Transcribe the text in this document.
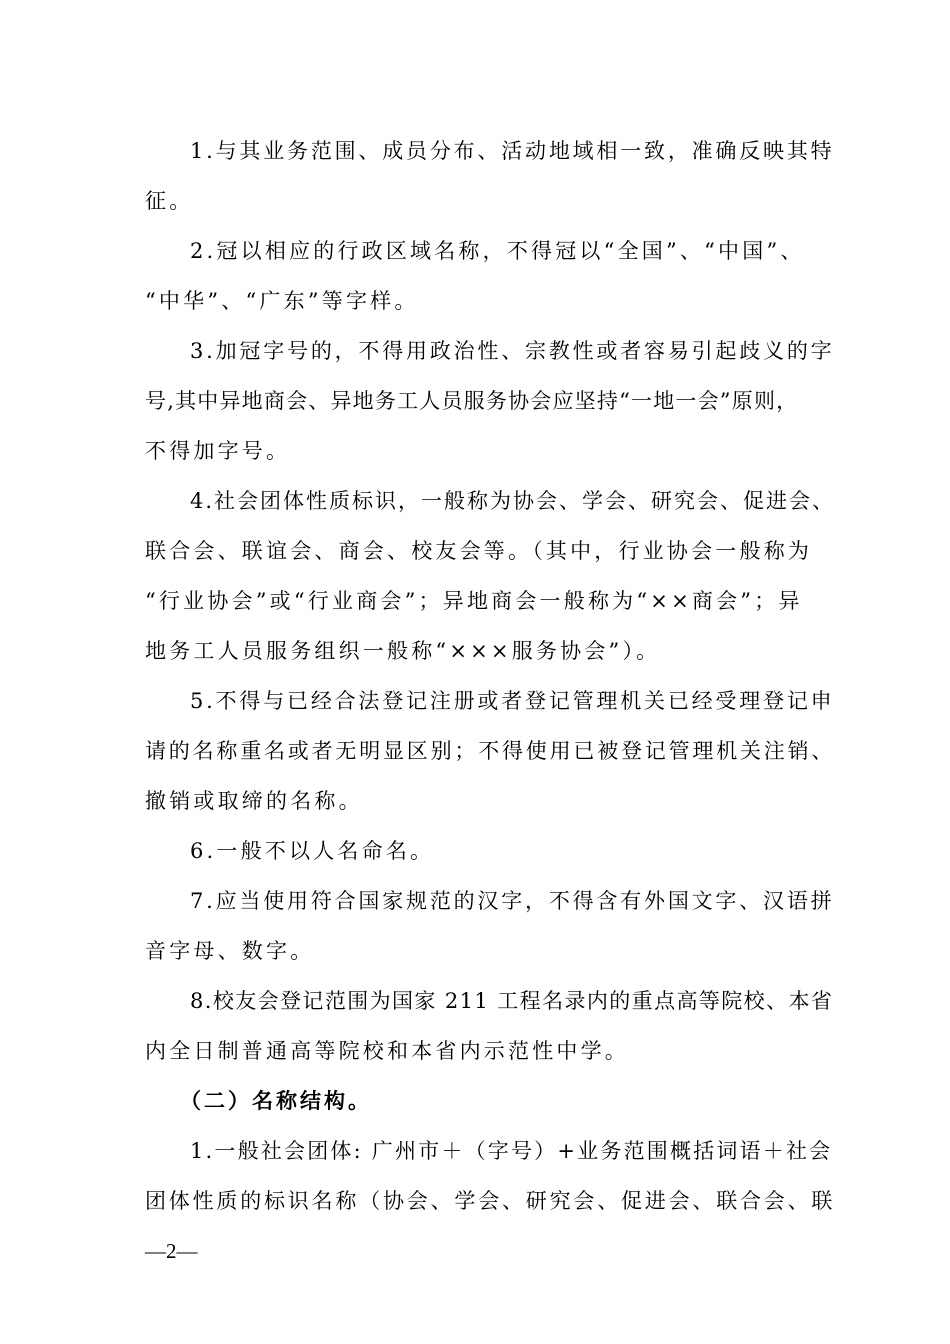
1.与其业务范围、成员分布、活动地域相一致，准确反映其特
征。
2.冠以相应的行政区域名称，不得冠以“全国”、“中国”、
“中华”、“广东”等字样。
3.加冠字号的，不得用政治性、宗教性或者容易引起歧义的字
号,其中异地商会、异地务工人员服务协会应坚持“一地一会”原则，
不得加字号。
4.社会团体性质标识，一般称为协会、学会、研究会、促进会、
联合会、联谊会、商会、校友会等。（其中，行业协会一般称为
“行业协会”或“行业商会”；异地商会一般称为“××商会”；异
地务工人员服务组织一般称“×××服务协会”）。
5.不得与已经合法登记注册或者登记管理机关已经受理登记申
请的名称重名或者无明显区别；不得使用已被登记管理机关注销、
撤销或取缔的名称。
6.一般不以人名命名。
7.应当使用符合国家规范的汉字，不得含有外国文字、汉语拼
音字母、数字。
8.校友会登记范围为国家 211 工程名录内的重点高等院校、本省
内全日制普通高等院校和本省内示范性中学。
（二）名称结构。
1.一般社会团体: 广州市＋（字号）+业务范围概括词语＋社会
团体性质的标识名称（协会、学会、研究会、促进会、联合会、联
—2—
